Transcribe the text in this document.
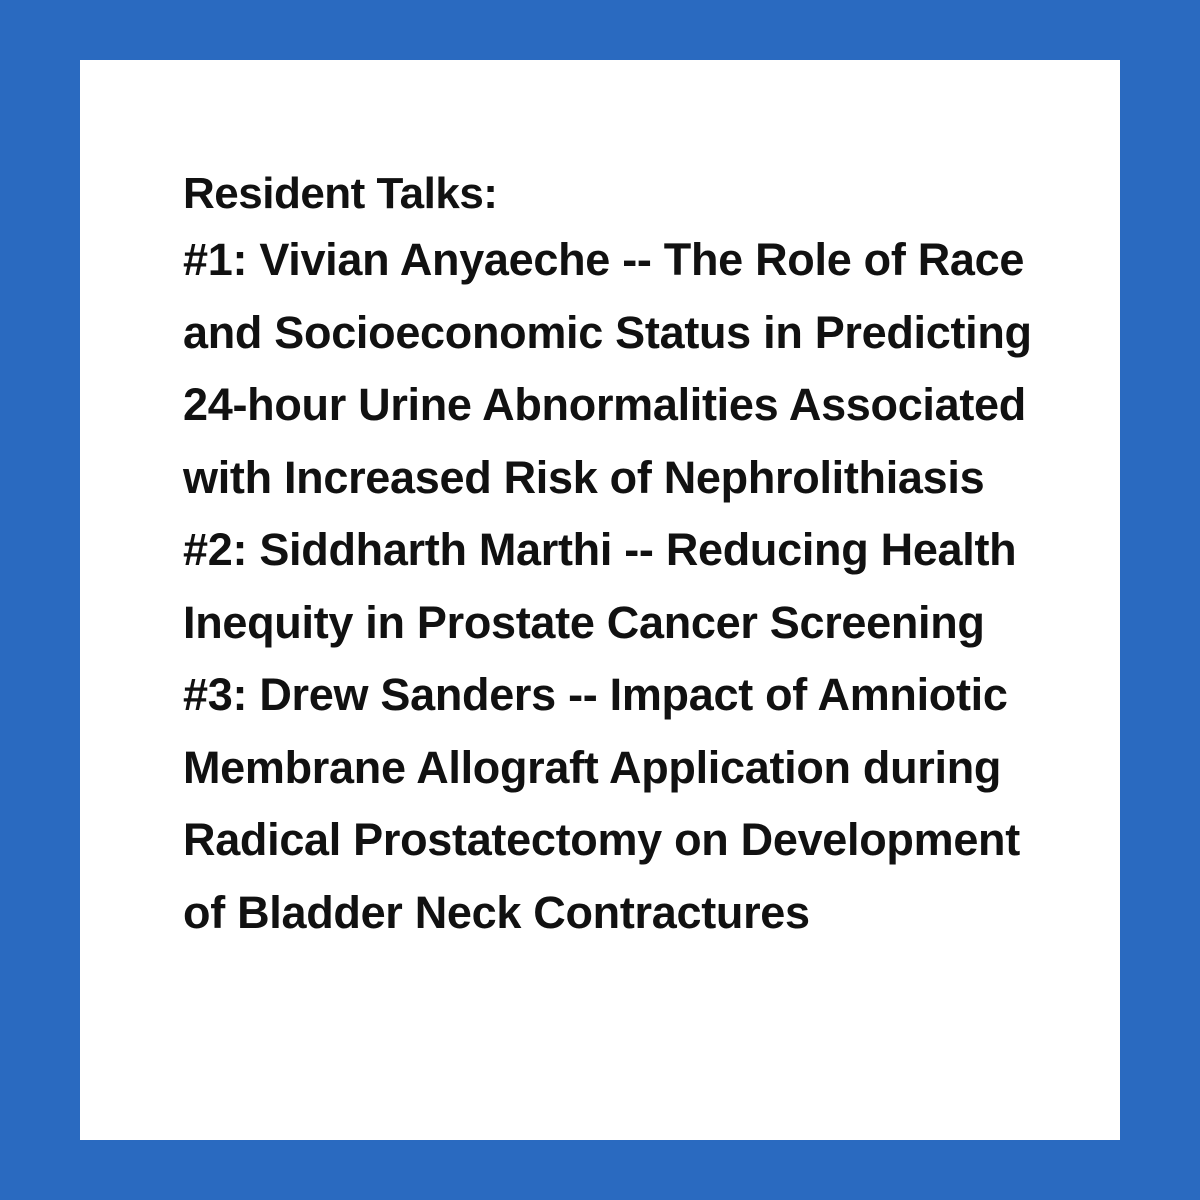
Resident Talks:

#1: Vivian Anyaeche -- The Role of Race and Socioeconomic Status in Predicting 24-hour Urine Abnormalities Associated with Increased Risk of Nephrolithiasis

#2: Siddharth Marthi -- Reducing Health Inequity in Prostate Cancer Screening

#3: Drew Sanders -- Impact of Amniotic Membrane Allograft Application during Radical Prostatectomy on Development of Bladder Neck Contractures
